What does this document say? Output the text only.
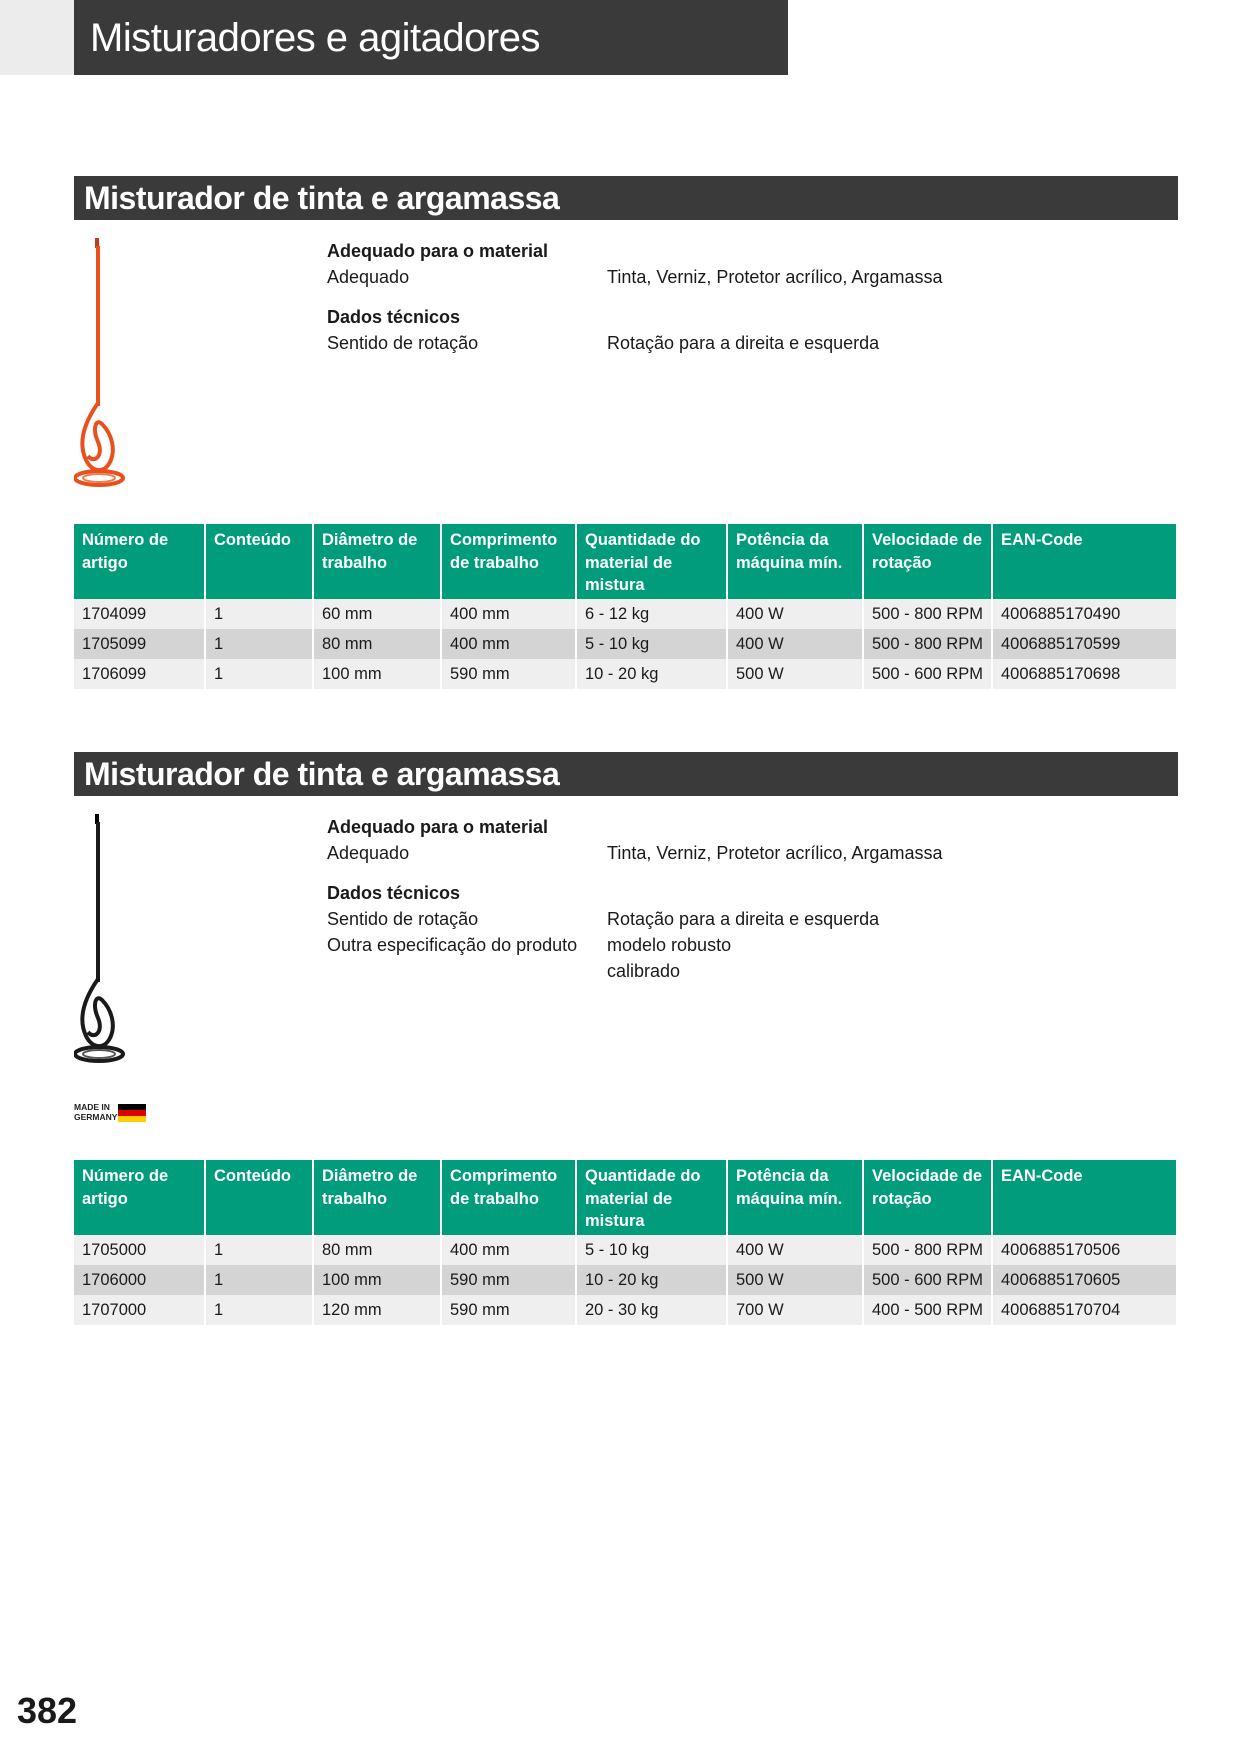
Misturadores e agitadores
Misturador de tinta e argamassa
Adequado para o material
Adequado	Tinta, Verniz, Protetor acrílico, Argamassa
Dados técnicos
Sentido de rotação	Rotação para a direita e esquerda
Número de artigo	Conteúdo	Diâmetro de trabalho	Comprimento de trabalho	Quantidade do material de mistura	Potência da máquina mín.	Velocidade de rotação	EAN-Code
1704099	1	60 mm	400 mm	6 - 12 kg	400 W	500 - 800 RPM	4006885170490
1705099	1	80 mm	400 mm	5 - 10 kg	400 W	500 - 800 RPM	4006885170599
1706099	1	100 mm	590 mm	10 - 20 kg	500 W	500 - 600 RPM	4006885170698
Misturador de tinta e argamassa
MADE IN
GERMANY
Adequado para o material
Adequado	Tinta, Verniz, Protetor acrílico, Argamassa
Dados técnicos
Sentido de rotação	Rotação para a direita e esquerda
Outra especificação do produto	modelo robusto
calibrado
Número de artigo	Conteúdo	Diâmetro de trabalho	Comprimento de trabalho	Quantidade do material de mistura	Potência da máquina mín.	Velocidade de rotação	EAN-Code
1705000	1	80 mm	400 mm	5 - 10 kg	400 W	500 - 800 RPM	4006885170506
1706000	1	100 mm	590 mm	10 - 20 kg	500 W	500 - 600 RPM	4006885170605
1707000	1	120 mm	590 mm	20 - 30 kg	700 W	400 - 500 RPM	4006885170704
382
